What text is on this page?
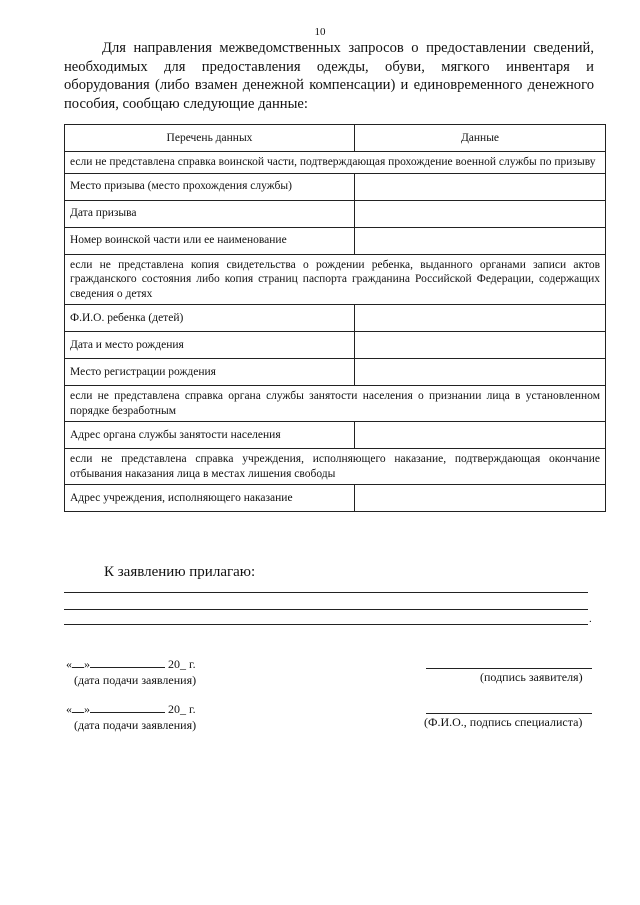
10
Для направления межведомственных запросов о предоставлении сведений, необходимых для предоставления одежды, обуви, мягкого инвентаря и оборудования (либо взамен денежной компенсации) и единовременного денежного пособия, сообщаю следующие данные:
Перечень данных	Данные
если не представлена справка воинской части, подтверждающая прохождение военной службы по призыву	
Место призыва (место прохождения службы)	
Дата призыва	
Номер воинской части или ее наименование	
если не представлена копия свидетельства о рождении ребенка, выданного органами записи актов гражданского состояния либо копия страниц паспорта гражданина Российской Федерации, содержащих сведения о детях	
Ф.И.О. ребенка (детей)	
Дата и место рождения	
Место регистрации рождения	
если не представлена справка органа службы занятости населения о признании лица в установленном порядке безработным	
Адрес органа службы занятости населения	
если не представлена справка учреждения, исполняющего наказание, подтверждающая окончание отбывания наказания лица в местах лишения свободы	
Адрес учреждения, исполняющего наказание	
К заявлению прилагаю:
.
« »	20_ г.
(дата подачи заявления)	(подпись заявителя)
« »	20_ г.
(дата подачи заявления)	(Ф.И.О., подпись специалиста)
